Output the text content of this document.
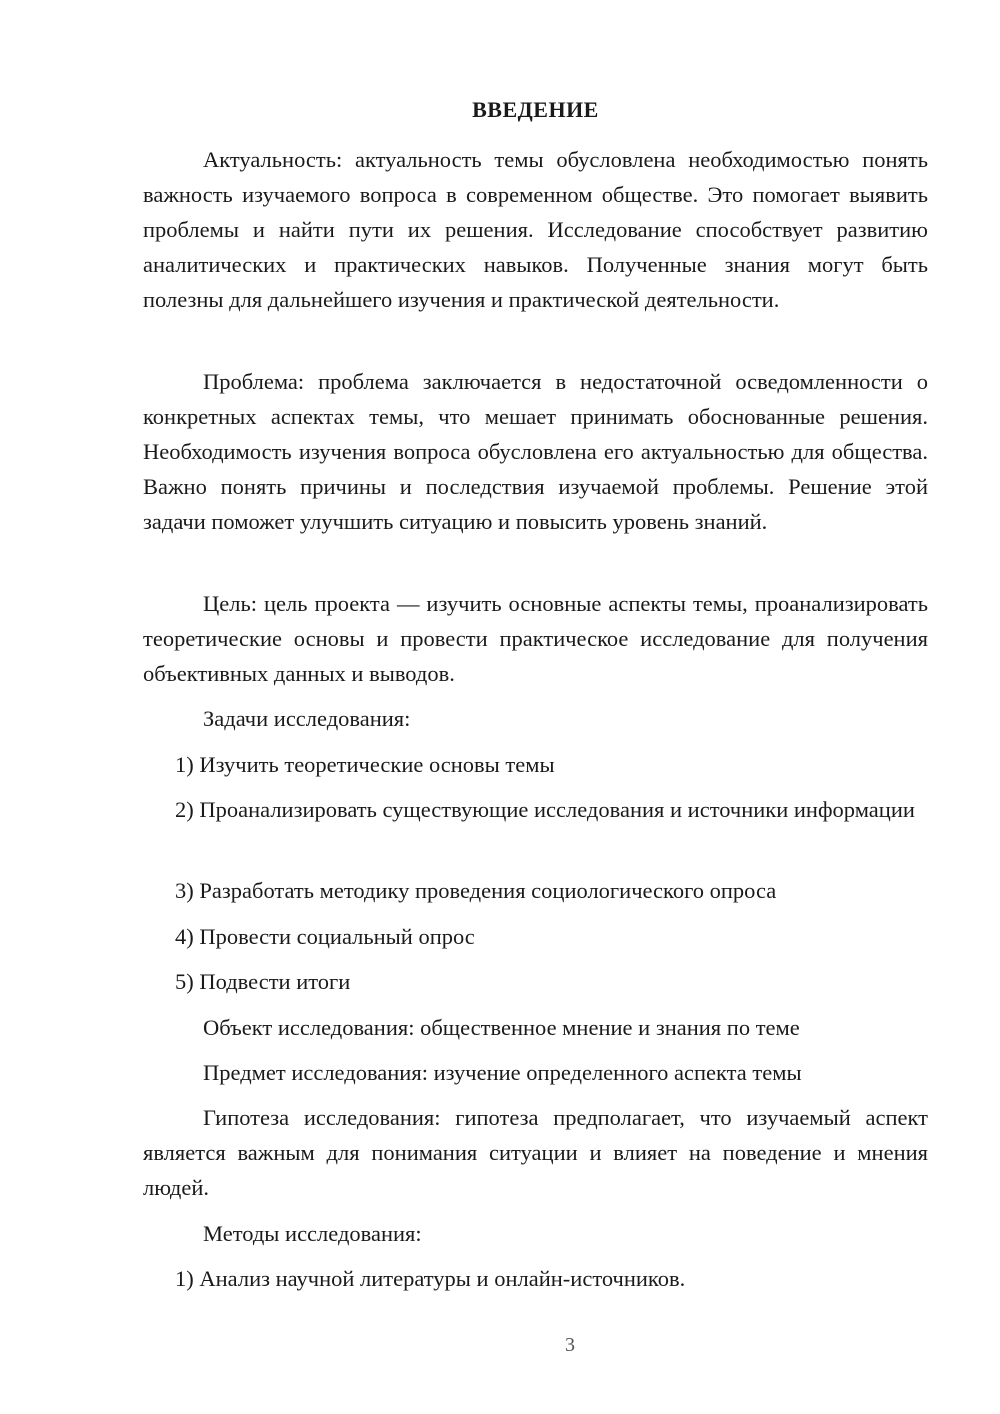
ВВЕДЕНИЕ

Актуальность: актуальность темы обусловлена необходимостью понять важность изучаемого вопроса в современном обществе. Это помогает выявить проблемы и найти пути их решения. Исследование способствует развитию аналитических и практических навыков. Полученные знания могут быть полезны для дальнейшего изучения и практической деятельности.

Проблема: проблема заключается в недостаточной осведомленности о конкретных аспектах темы, что мешает принимать обоснованные решения. Необходимость изучения вопроса обусловлена его актуальностью для общества. Важно понять причины и последствия изучаемой проблемы. Решение этой задачи поможет улучшить ситуацию и повысить уровень знаний.

Цель: цель проекта — изучить основные аспекты темы, проанализировать теоретические основы и провести практическое исследование для получения объективных данных и выводов.

Задачи исследования:

1) Изучить теоретические основы темы

2) Проанализировать существующие исследования и источники информации

3) Разработать методику проведения социологического опроса

4) Провести социальный опрос

5) Подвести итоги

Объект исследования: общественное мнение и знания по теме

Предмет исследования: изучение определенного аспекта темы

Гипотеза исследования: гипотеза предполагает, что изучаемый аспект является важным для понимания ситуации и влияет на поведение и мнения людей.

Методы исследования:

1) Анализ научной литературы и онлайн-источников.

3
